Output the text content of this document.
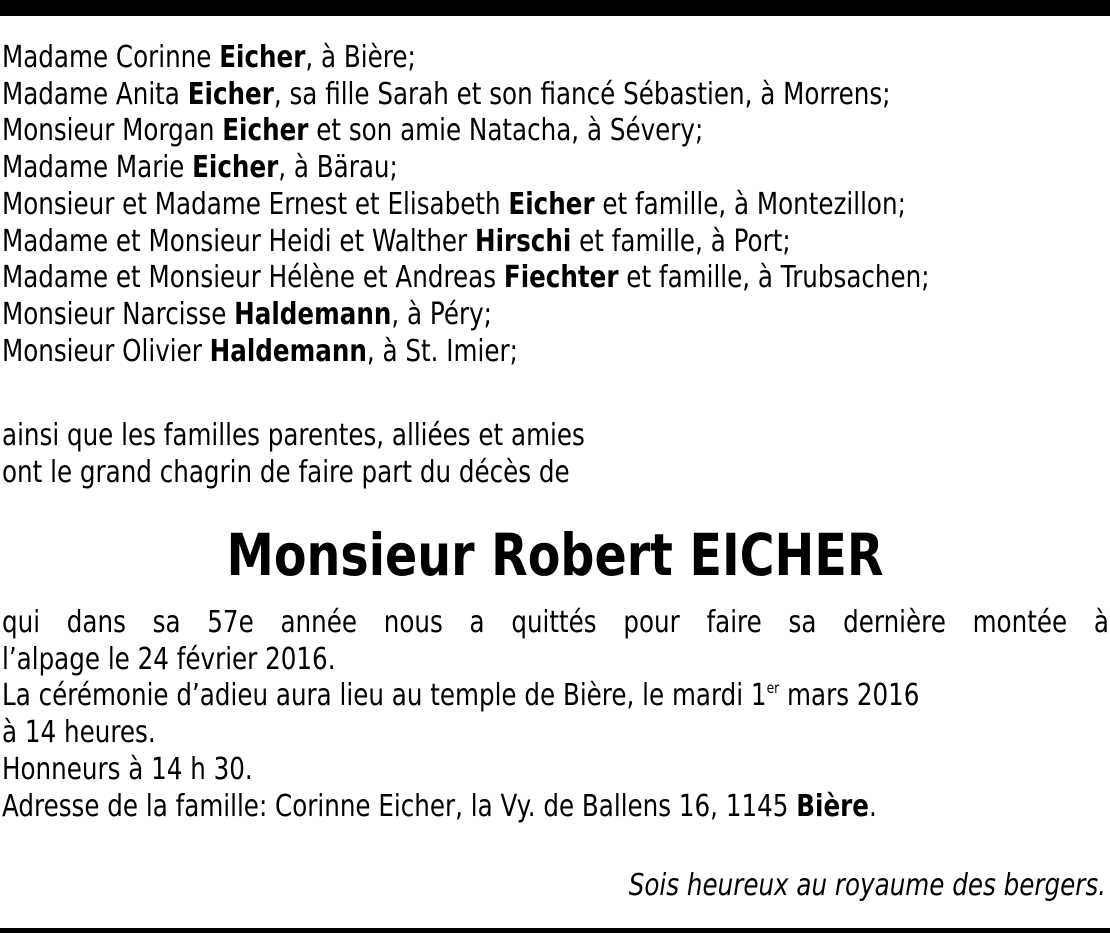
Madame Corinne Eicher, à Bière;
Madame Anita Eicher, sa fille Sarah et son fiancé Sébastien, à Morrens;
Monsieur Morgan Eicher et son amie Natacha, à Sévery;
Madame Marie Eicher, à Bärau;
Monsieur et Madame Ernest et Elisabeth Eicher et famille, à Montezillon;
Madame et Monsieur Heidi et Walther Hirschi et famille, à Port;
Madame et Monsieur Hélène et Andreas Fiechter et famille, à Trubsachen;
Monsieur Narcisse Haldemann, à Péry;
Monsieur Olivier Haldemann, à St. Imier;
ainsi que les familles parentes, alliées et amies
ont le grand chagrin de faire part du décès de
Monsieur Robert EICHER
qui dans sa 57e année nous a quittés pour faire sa dernière montée à
l’alpage le 24 février 2016.
La cérémonie d’adieu aura lieu au temple de Bière, le mardi 1er mars 2016
à 14 heures.
Honneurs à 14 h 30.
Adresse de la famille: Corinne Eicher, la Vy. de Ballens 16, 1145 Bière.
Sois heureux au royaume des bergers.
